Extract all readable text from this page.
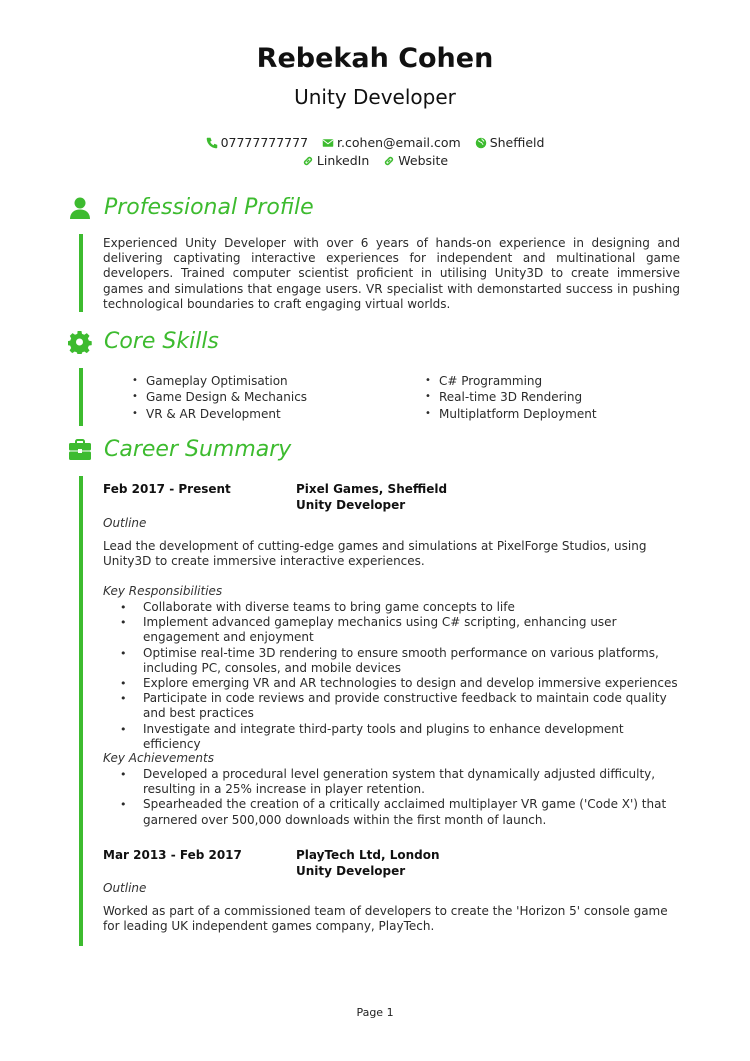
Rebekah Cohen
Unity Developer
07777777777
r.cohen@email.com
Sheffield
LinkedIn
Website
Professional Profile
Experienced Unity Developer with over 6 years of hands-on experience in designing and delivering captivating interactive experiences for independent and multinational game developers. Trained computer scientist proficient in utilising Unity3D to create immersive games and simulations that engage users. VR specialist with demonstarted success in pushing technological boundaries to craft engaging virtual worlds.
Core Skills
• Gameplay Optimisation
• Game Design & Mechanics
• VR & AR Development
• C# Programming
• Real-time 3D Rendering
• Multiplatform Deployment
Career Summary
Feb 2017 - Present	Pixel Games, Sheffield
Unity Developer
Outline
Lead the development of cutting-edge games and simulations at PixelForge Studios, using Unity3D to create immersive interactive experiences.
Key Responsibilities
• Collaborate with diverse teams to bring game concepts to life
• Implement advanced gameplay mechanics using C# scripting, enhancing user engagement and enjoyment
• Optimise real-time 3D rendering to ensure smooth performance on various platforms, including PC, consoles, and mobile devices
• Explore emerging VR and AR technologies to design and develop immersive experiences
• Participate in code reviews and provide constructive feedback to maintain code quality and best practices
• Investigate and integrate third-party tools and plugins to enhance development efficiency
Key Achievements
• Developed a procedural level generation system that dynamically adjusted difficulty, resulting in a 25% increase in player retention.
• Spearheaded the creation of a critically acclaimed multiplayer VR game ('Code X') that garnered over 500,000 downloads within the first month of launch.
Mar 2013 - Feb 2017	PlayTech Ltd, London
Unity Developer
Outline
Worked as part of a commissioned team of developers to create the 'Horizon 5' console game for leading UK independent games company, PlayTech.
Page 1
